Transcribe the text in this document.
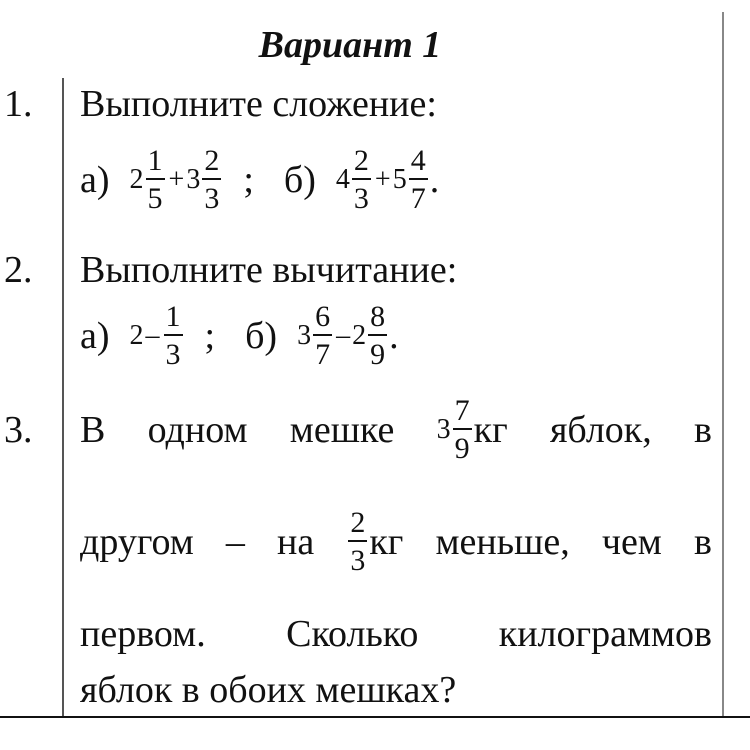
Вариант 1
1. Выполните сложение:
а) $2 \frac{1}{5} + 3 \frac{2}{3}$ ; б) $4 \frac{2}{3} + 5 \frac{4}{7}$ .
2. Выполните вычитание:
а) $2 - \frac{1}{3}$ ; б) $3 \frac{6}{7} - 2 \frac{8}{9}$ .
3. В одном мешке $3 \frac{7}{9}$ кг яблок, в
другом – на $\frac{2}{3}$ кг меньше, чем в
первом. Сколько килограммов
яблок в обоих мешках?
